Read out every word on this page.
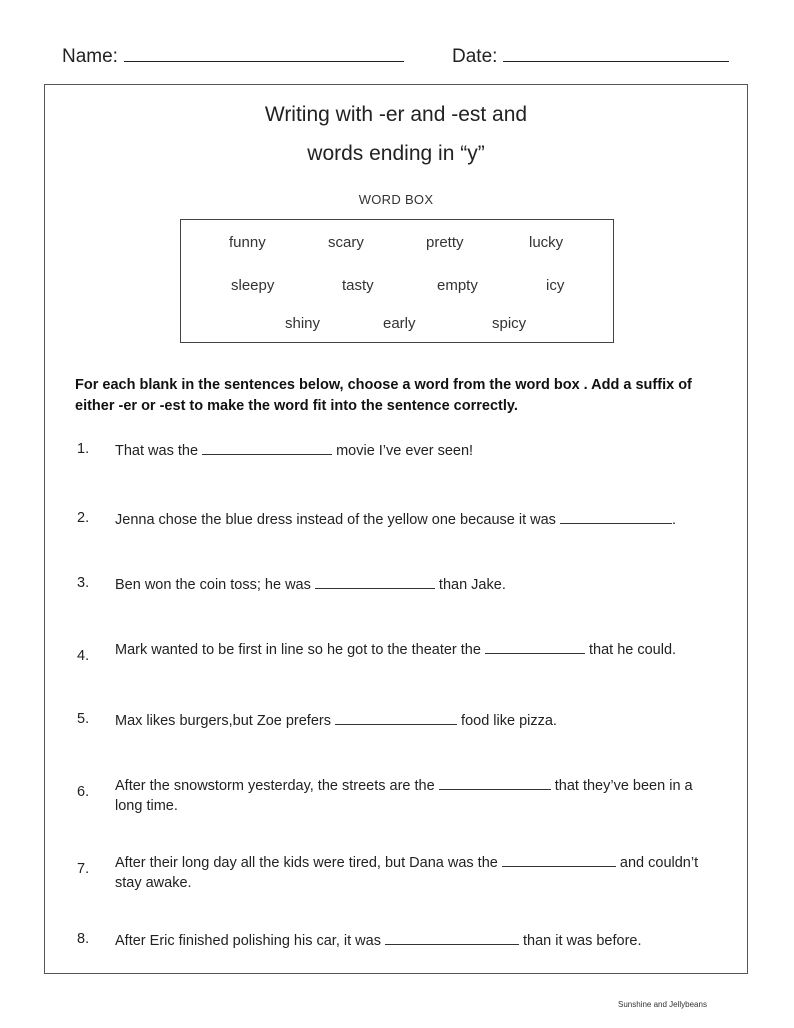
Name:	Date:
Writing with -er and -est and
words ending in “y”
WORD BOX
funny	scary	pretty	lucky
sleepy	tasty	empty	icy
shiny	early	spicy
For each blank in the sentences below, choose a word from the word box . Add a suffix of either -er or -est to make the word fit into the sentence correctly.
1. That was the	movie I’ve ever seen!
2. Jenna chose the blue dress instead of the yellow one because it was	.
3. Ben won the coin toss; he was	than Jake.
4. Mark wanted to be first in line so he got to the theater the	that he could.
5. Max likes burgers,but Zoe prefers	food like pizza.
6. After the snowstorm yesterday, the streets are the	that they’ve been in a long time.
7. After their long day all the kids were tired, but Dana was the	and couldn’t stay awake.
8. After Eric finished polishing his car, it was	than it was before.
Sunshine and Jellybeans
